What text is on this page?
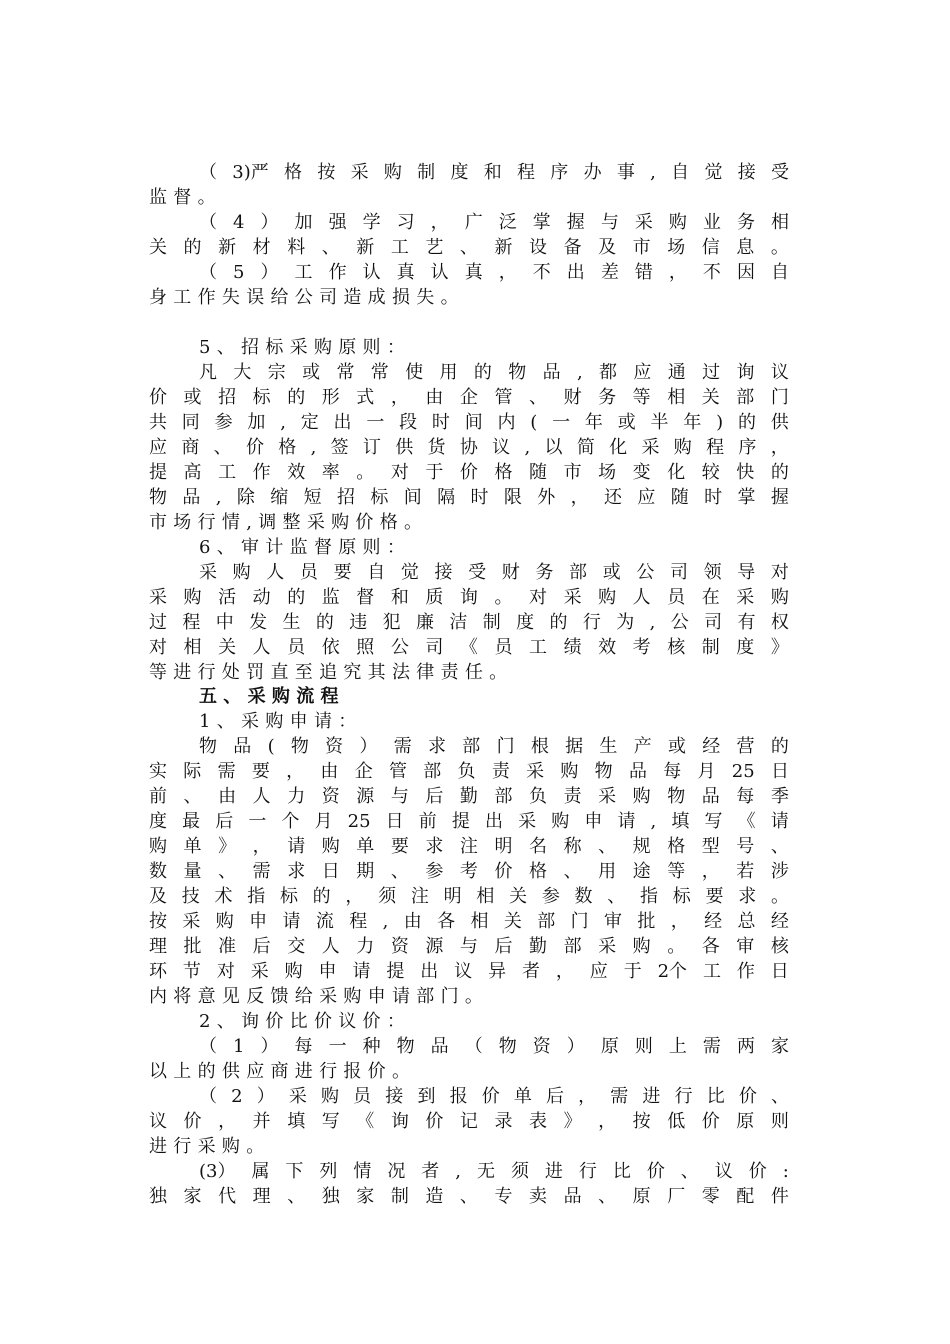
（ 3)严 格 按 采 购 制 度 和 程 序 办 事 , 自 觉 接 受
监 督 。
（ 4 ） 加 强 学 习 ， 广 泛 掌 握 与 采 购 业 务 相
关 的 新 材 料 、 新 工 艺 、 新 设 备 及 市 场 信 息 。
（ 5 ） 工 作 认 真 认 真 ， 不 出 差 错 ， 不 因 自
身 工 作 失 误 给 公 司 造 成 损 失 。
5 、 招 标 采 购 原 则 ：
凡 大 宗 或 常 常 使 用 的 物 品 , 都 应 通 过 询 议
价 或 招 标 的 形 式 ， 由 企 管 、 财 务 等 相 关 部 门
共 同 参 加 , 定 出 一 段 时 间 内 ( 一 年 或 半 年 ) 的 供
应 商 、 价 格 , 签 订 供 货 协 议 , 以 简 化 采 购 程 序 ，
提 高 工 作 效 率 。 对 于 价 格 随 市 场 变 化 较 快 的
物 品 , 除 缩 短 招 标 间 隔 时 限 外 ， 还 应 随 时 掌 握
市 场 行 情 , 调 整 采 购 价 格 。
6 、 审 计 监 督 原 则 ：
采 购 人 员 要 自 觉 接 受 财 务 部 或 公 司 领 导 对
采 购 活 动 的 监 督 和 质 询 。 对 采 购 人 员 在 采 购
过 程 中 发 生 的 违 犯 廉 洁 制 度 的 行 为 , 公 司 有 权
对 相 关 人 员 依 照 公 司 《 员 工 绩 效 考 核 制 度 》
等 进 行 处 罚 直 至 追 究 其 法 律 责 任 。
五 、 采 购 流 程
1 、 采 购 申 请 ：
物 品 ( 物 资 ） 需 求 部 门 根 据 生 产 或 经 营 的
实 际 需 要 ， 由 企 管 部 负 责 采 购 物 品 每 月 25 日
前 、 由 人 力 资 源 与 后 勤 部 负 责 采 购 物 品 每 季
度 最 后 一 个 月 25 日 前 提 出 采 购 申 请 , 填 写 《 请
购 单 》 ， 请 购 单 要 求 注 明 名 称 、 规 格 型 号 、
数 量 、 需 求 日 期 、 参 考 价 格 、 用 途 等 ， 若 涉
及 技 术 指 标 的 ， 须 注 明 相 关 参 数 、 指 标 要 求 。
按 采 购 申 请 流 程 , 由 各 相 关 部 门 审 批 ， 经 总 经
理 批 准 后 交 人 力 资 源 与 后 勤 部 采 购 。 各 审 核
环 节 对 采 购 申 请 提 出 议 异 者 ， 应 于 2个 工 作 日
内 将 意 见 反 馈 给 采 购 申 请 部 门 。
2 、 询 价 比 价 议 价 ：
（ 1 ） 每 一 种 物 品 （ 物 资 ） 原 则 上 需 两 家
以 上 的 供 应 商 进 行 报 价 。
（ 2 ） 采 购 员 接 到 报 价 单 后 ， 需 进 行 比 价 、
议 价 ， 并 填 写 《 询 价 记 录 表 》 ， 按 低 价 原 则
进 行 采 购 。
(3） 属 下 列 情 况 者 , 无 须 进 行 比 价 、 议 价 :
独 家 代 理 、 独 家 制 造 、 专 卖 品 、 原 厂 零 配 件
